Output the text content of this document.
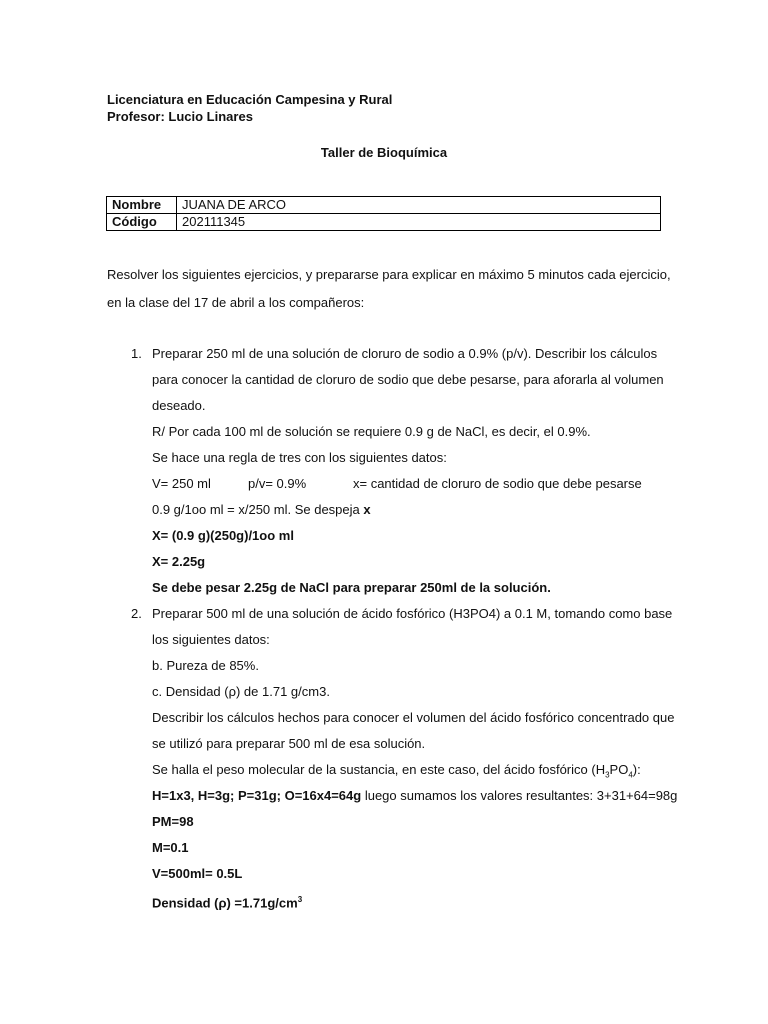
Licenciatura en Educación Campesina y Rural
Profesor: Lucio Linares
Taller de Bioquímica
Nombre	JUANA DE ARCO
Código	202111345
Resolver los siguientes ejercicios, y prepararse para explicar en máximo 5 minutos cada ejercicio,
en la clase del 17 de abril a los compañeros:
1. Preparar 250 ml de una solución de cloruro de sodio a 0.9% (p/v). Describir los cálculos
para conocer la cantidad de cloruro de sodio que debe pesarse, para aforarla al volumen
deseado.
R/ Por cada 100 ml de solución se requiere 0.9 g de NaCl, es decir, el 0.9%.
Se hace una regla de tres con los siguientes datos:
V= 250 ml	p/v= 0.9%	x= cantidad de cloruro de sodio que debe pesarse
0.9 g/1oo ml = x/250 ml. Se despeja x
X= (0.9 g)(250g)/1oo ml
X= 2.25g
Se debe pesar 2.25g de NaCl para preparar 250ml de la solución.
2. Preparar 500 ml de una solución de ácido fosfórico (H3PO4) a 0.1 M, tomando como base
los siguientes datos:
b. Pureza de 85%.
c. Densidad (ρ) de 1.71 g/cm3.
Describir los cálculos hechos para conocer el volumen del ácido fosfórico concentrado que
se utilizó para preparar 500 ml de esa solución.
Se halla el peso molecular de la sustancia, en este caso, del ácido fosfórico $(H_3PO_4)$:
H=1x3, H=3g; P=31g; O=16x4=64g luego sumamos los valores resultantes: 3+31+64=98g
PM=98
M=0.1
V=500ml= 0.5L
Densidad $(\rho) =1.71g/cm^3$
